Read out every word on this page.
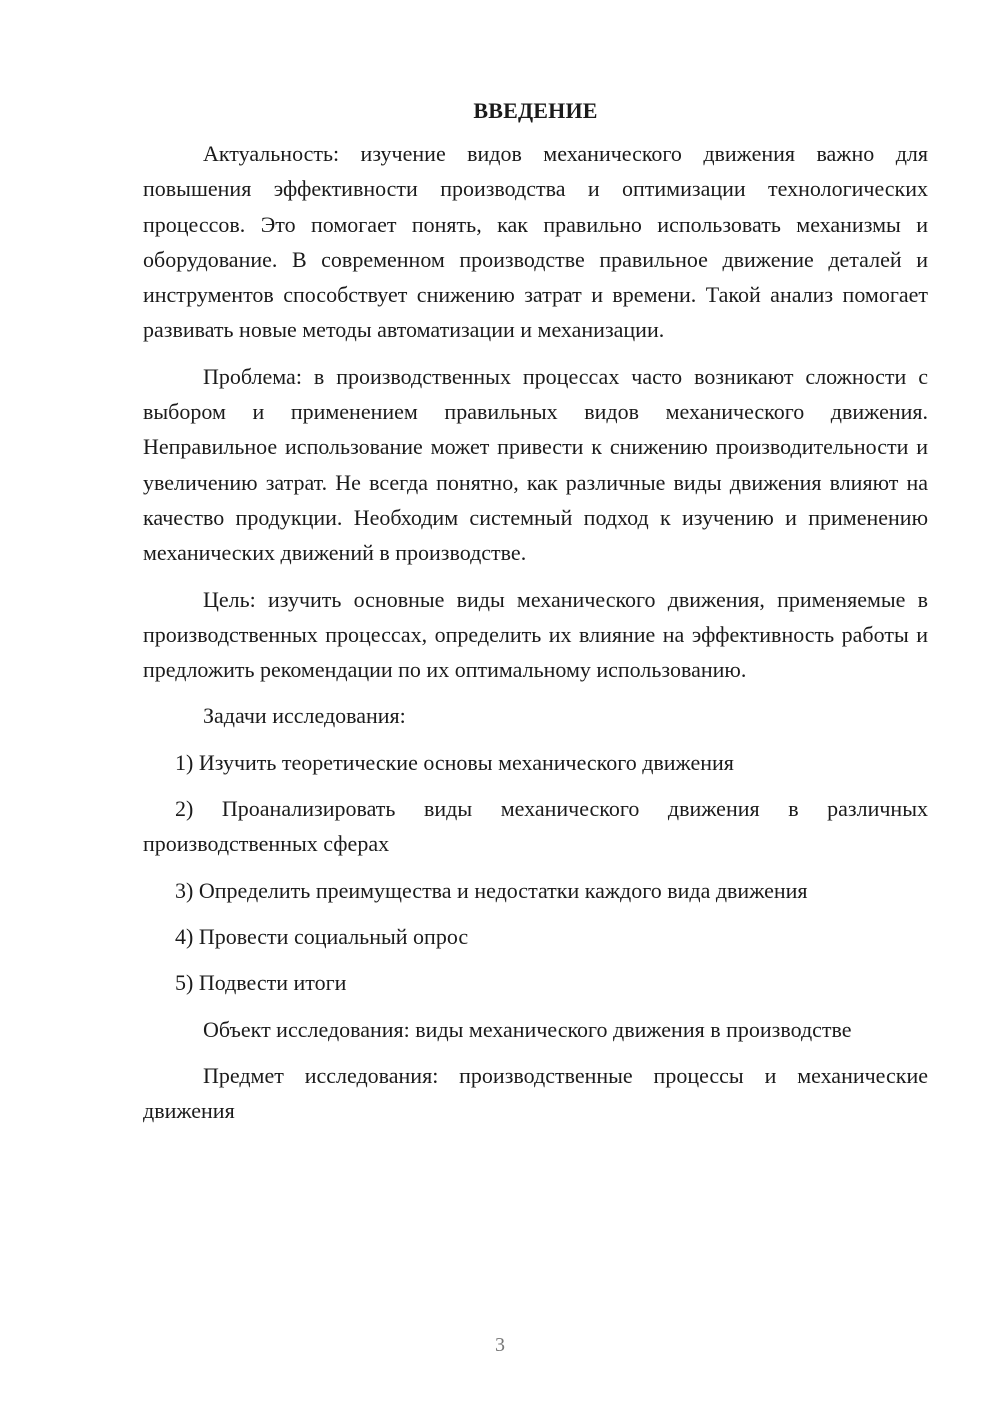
ВВЕДЕНИЕ

Актуальность: изучение видов механического движения важно для повышения эффективности производства и оптимизации технологических процессов. Это помогает понять, как правильно использовать механизмы и оборудование. В современном производстве правильное движение деталей и инструментов способствует снижению затрат и времени. Такой анализ помогает развивать новые методы автоматизации и механизации.

Проблема: в производственных процессах часто возникают сложности с выбором и применением правильных видов механического движения. Неправильное использование может привести к снижению производительности и увеличению затрат. Не всегда понятно, как различные виды движения влияют на качество продукции. Необходим системный подход к изучению и применению механических движений в производстве.

Цель: изучить основные виды механического движения, применяемые в производственных процессах, определить их влияние на эффективность работы и предложить рекомендации по их оптимальному использованию.

Задачи исследования:

1) Изучить теоретические основы механического движения

2) Проанализировать виды механического движения в различных производственных сферах

3) Определить преимущества и недостатки каждого вида движения

4) Провести социальный опрос

5) Подвести итоги

Объект исследования: виды механического движения в производстве

Предмет исследования: производственные процессы и механические движения

3
